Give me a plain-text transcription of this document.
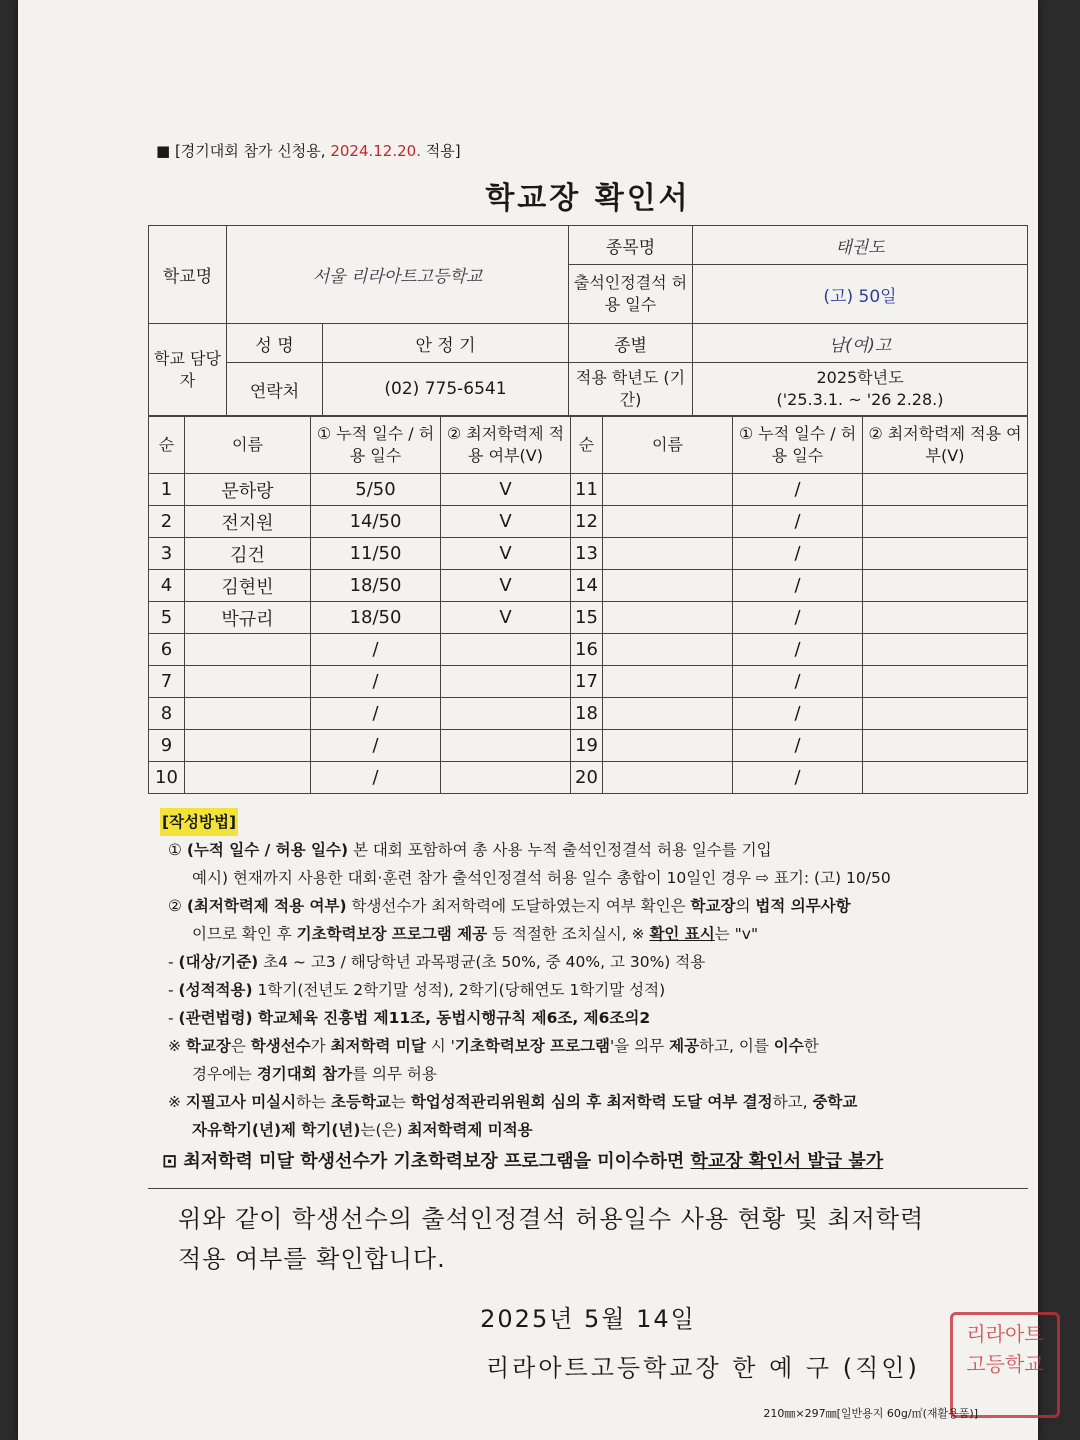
■ [경기대회 참가 신청용, 2024.12.20. 적용]
학교장 확인서
학교명	서울 리라아트고등학교		종목명	태권도
			출석인정결석 허용 일수	(고) 50일
학교 담당자	성 명	안 정 기	종별	남(여)고
	연락처	(02) 775-6541	적용 학년도 (기간)	2025학년도
('25.3.1. ~ '26 2.28.)
순	이름	① 누적 일수 / 허용 일수	② 최저학력제 적용 여부(V)	순	이름	① 누적 일수 / 허용 일수	② 최저학력제 적용 여부(V)
1	문하랑	5/50	V	11		/	
2	전지원	14/50	V	12		/	
3	김건	11/50	V	13		/	
4	김현빈	18/50	V	14		/	
5	박규리	18/50	V	15		/	
6		/		16		/	
7		/		17		/	
8		/		18		/	
9		/		19		/	
10		/		20		/	
[작성방법]
① (누적 일수 / 허용 일수) 본 대회 포함하여 총 사용 누적 출석인정결석 허용 일수를 기입
예시) 현재까지 사용한 대회·훈련 참가 출석인정결석 허용 일수 총합이 10일인 경우 ⇨ 표기: (고) 10/50
② (최저학력제 적용 여부) 학생선수가 최저학력에 도달하였는지 여부 확인은 학교장의 법적 의무사항
이므로 확인 후 기초학력보장 프로그램 제공 등 적절한 조치실시, ※ 확인 표시는 "v"
- (대상/기준) 초4 ~ 고3 / 해당학년 과목평균(초 50%, 중 40%, 고 30%) 적용
- (성적적용) 1학기(전년도 2학기말 성적), 2학기(당해연도 1학기말 성적)
- (관련법령) 학교체육 진흥법 제11조, 동법시행규칙 제6조, 제6조의2
※ 학교장은 학생선수가 최저학력 미달 시 '기초학력보장 프로그램'을 의무 제공하고, 이를 이수한
경우에는 경기대회 참가를 의무 허용
※ 지필고사 미실시하는 초등학교는 학업성적관리위원회 심의 후 최저학력 도달 여부 결정하고, 중학교
자유학기(년)제 학기(년)는(은) 최저학력제 미적용
⊡ 최저학력 미달 학생선수가 기초학력보장 프로그램을 미이수하면 학교장 확인서 발급 불가
위와 같이 학생선수의 출석인정결석 허용일수 사용 현황 및 최저학력
적용 여부를 확인합니다.
2025년 5월 14일
리라아트고등학교장 한 예 구 (직인)
리라아트고등학교
210㎜×297㎜[일반용지 60g/㎡(재활용품)]
